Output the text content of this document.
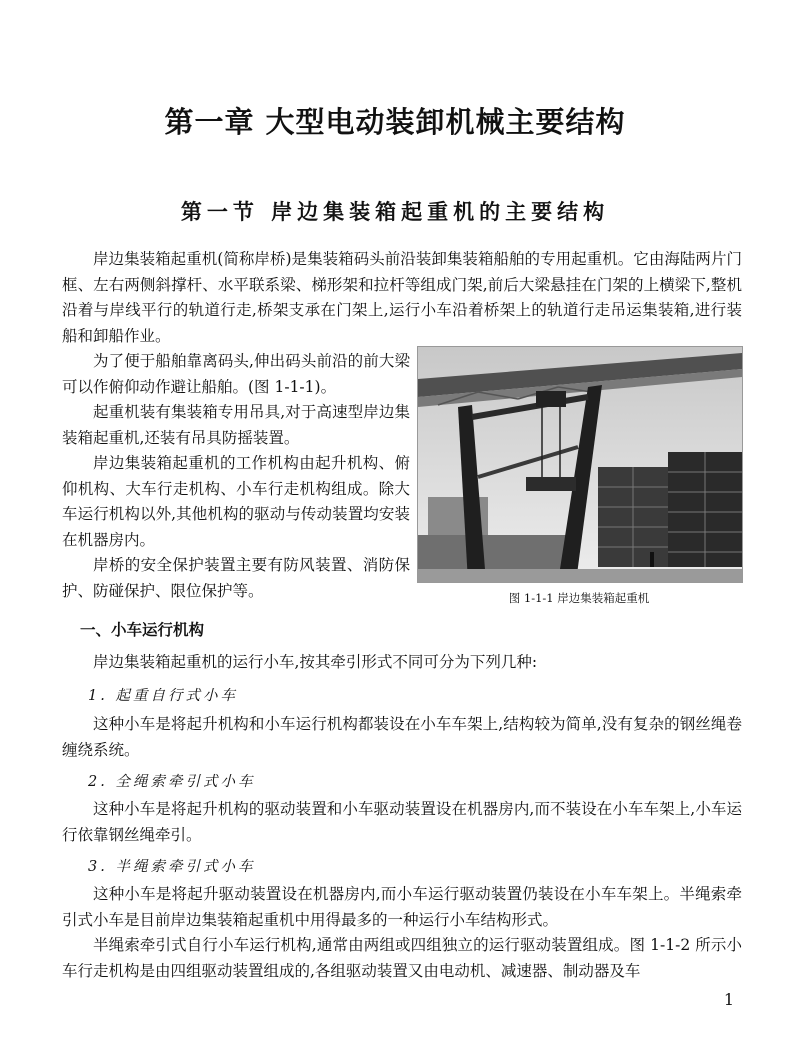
第一章 大型电动装卸机械主要结构
第一节 岸边集装箱起重机的主要结构

岸边集装箱起重机(简称岸桥)是集装箱码头前沿装卸集装箱船舶的专用起重机。它由海陆两片门框、左右两侧斜撑杆、水平联系梁、梯形架和拉杆等组成门架,前后大梁悬挂在门架的上横梁下,整机沿着与岸线平行的轨道行走,桥架支承在门架上,运行小车沿着桥架上的轨道行走吊运集装箱,进行装船和卸船作业。

为了便于船舶靠离码头,伸出码头前沿的前大梁可以作俯仰动作避让船舶。(图 1-1-1)。

起重机装有集装箱专用吊具,对于高速型岸边集装箱起重机,还装有吊具防摇装置。

岸边集装箱起重机的工作机构由起升机构、俯仰机构、大车行走机构、小车行走机构组成。除大车运行机构以外,其他机构的驱动与传动装置均安装在机器房内。

岸桥的安全保护装置主要有防风装置、消防保护、防碰保护、限位保护等。	图 1-1-1 岸边集装箱起重机
一、小车运行机构

岸边集装箱起重机的运行小车,按其牵引形式不同可分为下列几种:

1. 起重自行式小车

这种小车是将起升机构和小车运行机构都装设在小车车架上,结构较为简单,没有复杂的钢丝绳卷缠绕系统。

2. 全绳索牵引式小车

这种小车是将起升机构的驱动装置和小车驱动装置设在机器房内,而不装设在小车车架上,小车运行依靠钢丝绳牵引。

3. 半绳索牵引式小车

这种小车是将起升驱动装置设在机器房内,而小车运行驱动装置仍装设在小车车架上。半绳索牵引式小车是目前岸边集装箱起重机中用得最多的一种运行小车结构形式。

半绳索牵引式自行小车运行机构,通常由两组或四组独立的运行驱动装置组成。图 1-1-2 所示小车行走机构是由四组驱动装置组成的,各组驱动装置又由电动机、减速器、制动器及车

1
